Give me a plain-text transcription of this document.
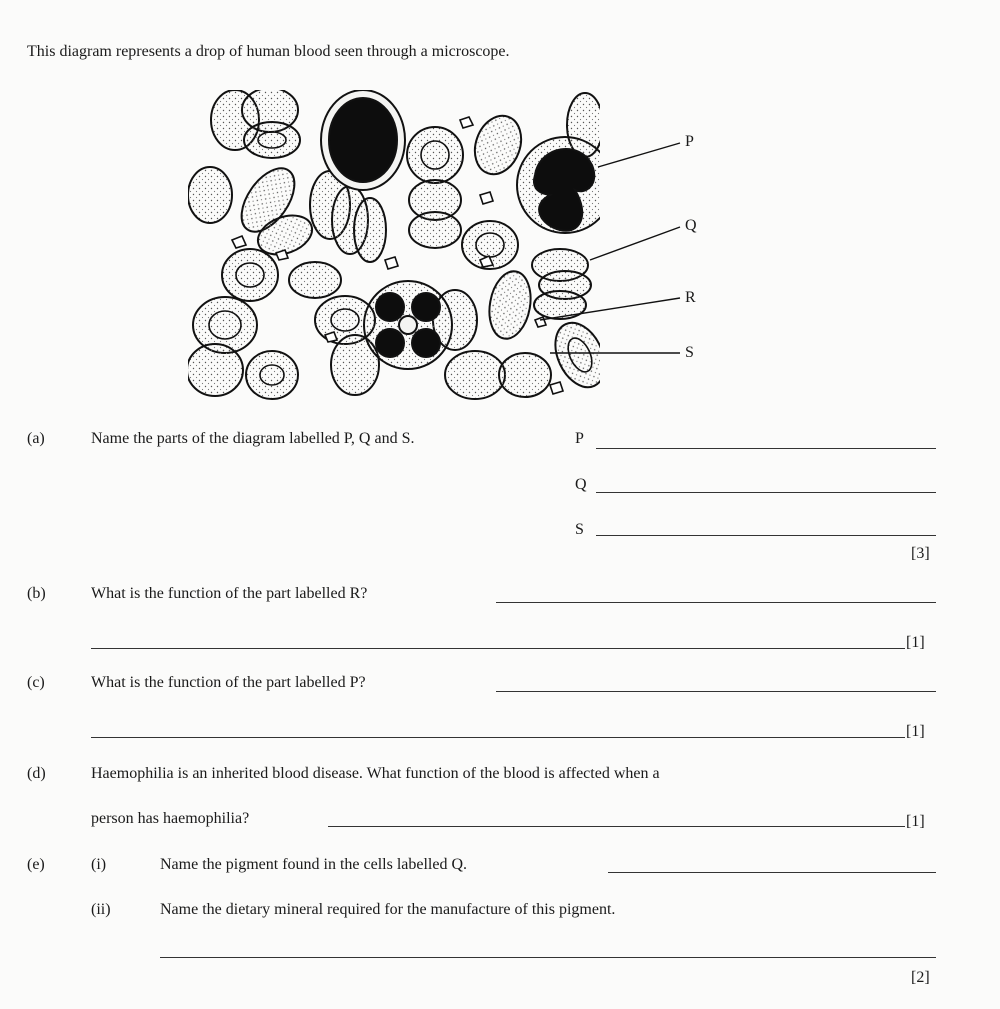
This diagram represents a drop of human blood seen through a microscope.
P
Q
R
S
(a)	Name the parts of the diagram labelled P, Q and S.	P
Q
S
[3]
(b)	What is the function of the part labelled R?
[1]
(c)	What is the function of the part labelled P?
[1]
(d)	Haemophilia is an inherited blood disease. What function of the blood is affected when a
person has haemophilia?	[1]
(e)	(i)	Name the pigment found in the cells labelled Q.
(ii)	Name the dietary mineral required for the manufacture of this pigment.
[2]
